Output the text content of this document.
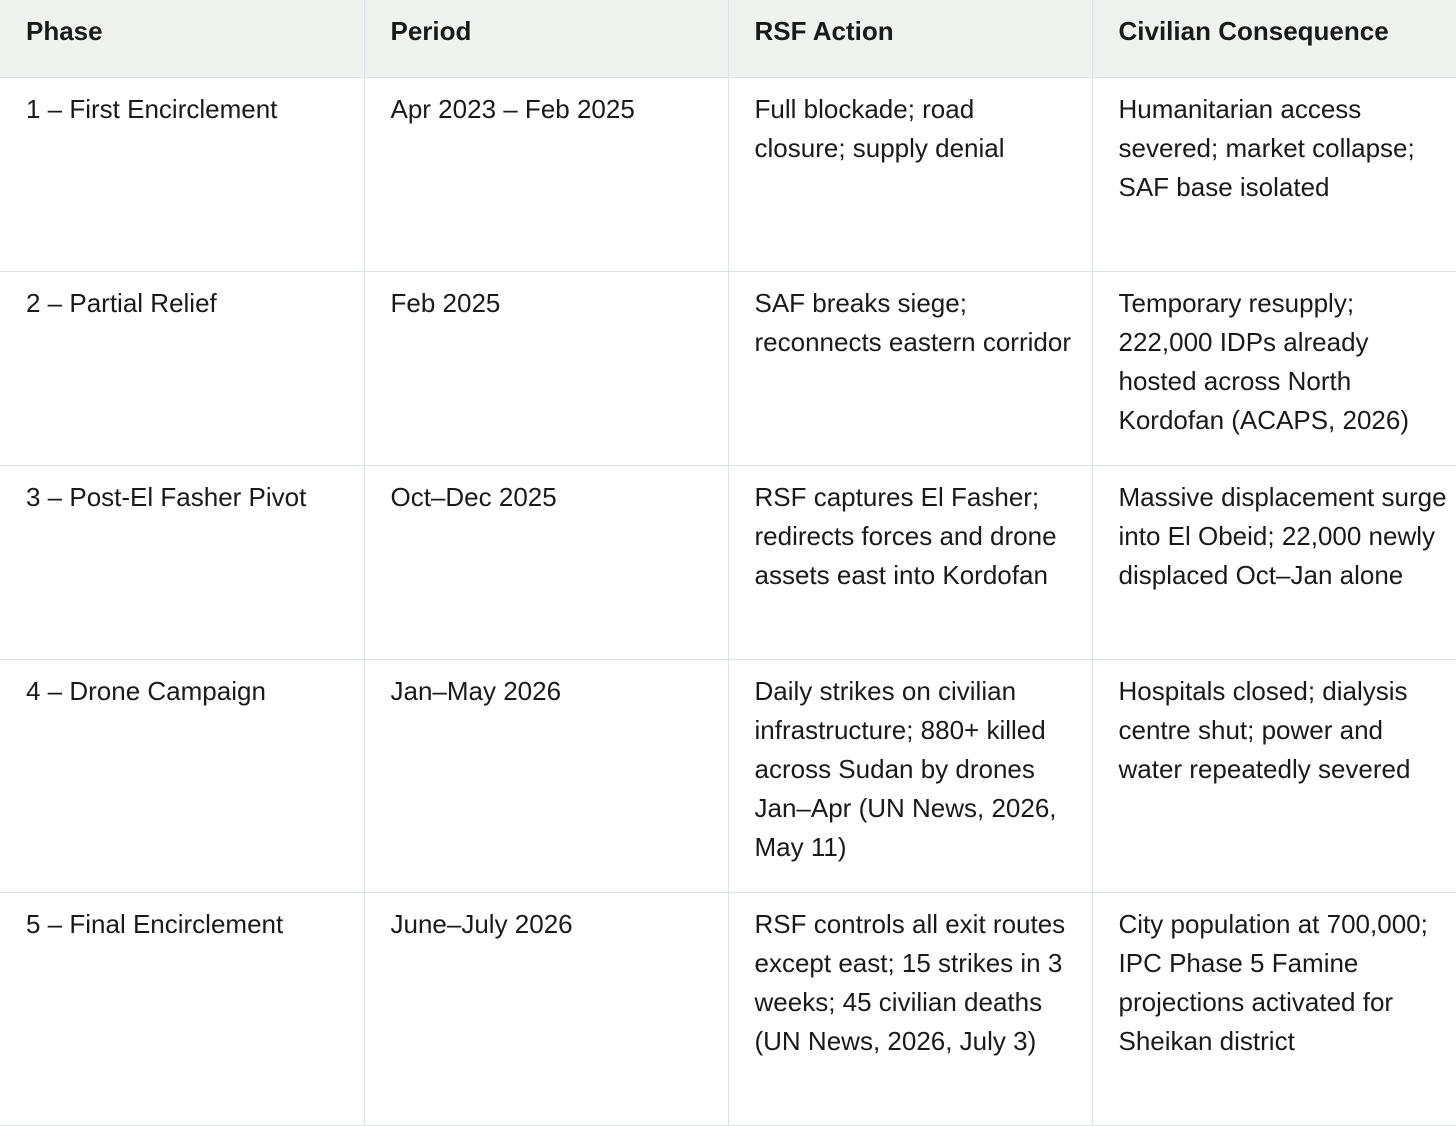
Phase	Period	RSF Action	Civilian Consequence
1 – First Encirclement	Apr 2023 – Feb 2025	Full blockade; road closure; supply denial	Humanitarian access severed; market collapse; SAF base isolated
2 – Partial Relief	Feb 2025	SAF breaks siege; reconnects eastern corridor	Temporary resupply; 222,000 IDPs already hosted across North Kordofan (ACAPS, 2026)
3 – Post-El Fasher Pivot	Oct–Dec 2025	RSF captures El Fasher; redirects forces and drone assets east into Kordofan	Massive displacement surge into El Obeid; 22,000 newly displaced Oct–Jan alone
4 – Drone Campaign	Jan–May 2026	Daily strikes on civilian infrastructure; 880+ killed across Sudan by drones Jan–Apr (UN News, 2026, May 11)	Hospitals closed; dialysis centre shut; power and water repeatedly severed
5 – Final Encirclement	June–July 2026	RSF controls all exit routes except east; 15 strikes in 3 weeks; 45 civilian deaths (UN News, 2026, July 3)	City population at 700,000; IPC Phase 5 Famine projections activated for Sheikan district
